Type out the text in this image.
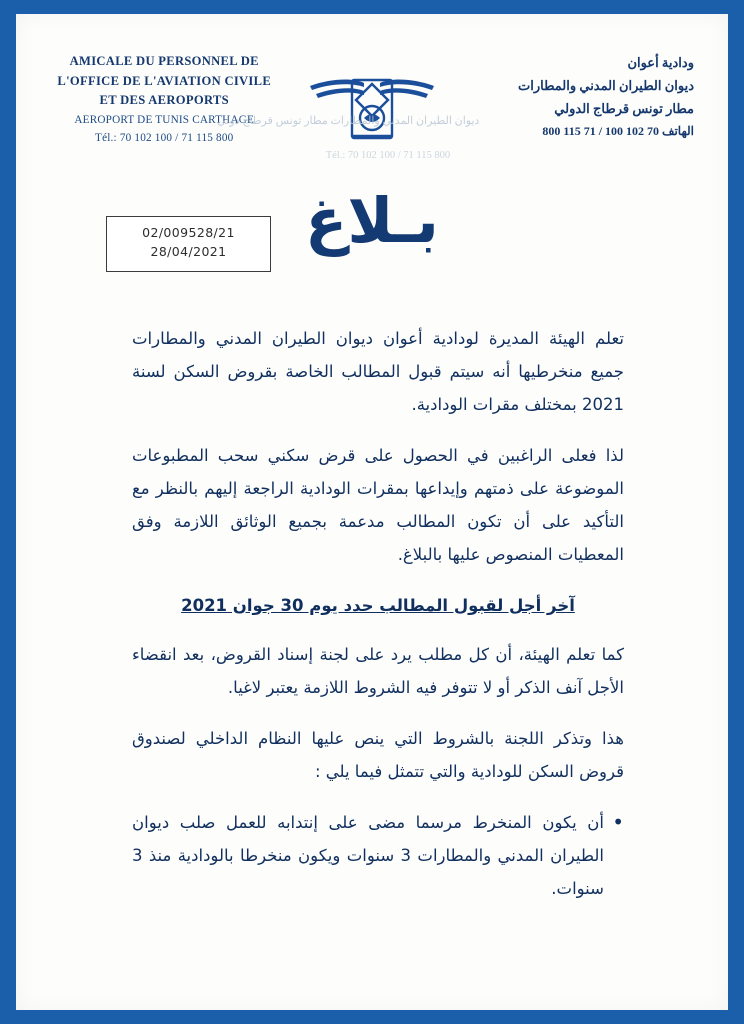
AMICALE DU PERSONNEL DE
L'OFFICE DE L'AVIATION CIVILE
ET DES AEROPORTS
AEROPORT DE TUNIS CARTHAGE
Tél.: 70 102 100 / 71 115 800
ديوان الطيران المدني والمطارات مطار تونس قرطاج دولي
Tél.: 70 102 100 / 71 115 800
ودادية أعوان
ديوان الطيران المدني والمطارات
مطار تونس قرطاج الدولي
الهاتف 70 102 100 / 71 115 800
بـلاغ
02/009528/21
28/04/2021
تعلم الهيئة المديرة لودادية أعوان ديوان الطيران المدني والمطارات جميع منخرطيها أنه سيتم قبول المطالب الخاصة بقروض السكن لسنة 2021 بمختلف مقرات الودادية.
لذا فعلى الراغبين في الحصول على قرض سكني سحب المطبوعات الموضوعة على ذمتهم وإيداعها بمقرات الودادية الراجعة إليهم بالنظر مع التأكيد على أن تكون المطالب مدعمة بجميع الوثائق اللازمة وفق المعطيات المنصوص عليها بالبلاغ.
آخر أجل لقبول المطالب حدد يوم 30 جوان 2021
كما تعلم الهيئة، أن كل مطلب يرد على لجنة إسناد القروض، بعد انقضاء الأجل آنف الذكر أو لا تتوفر فيه الشروط اللازمة يعتبر لاغيا.
هذا وتذكر اللجنة بالشروط التي ينص عليها النظام الداخلي لصندوق قروض السكن للودادية والتي تتمثل فيما يلي :
• أن يكون المنخرط مرسما مضى على إنتدابه للعمل صلب ديوان الطيران المدني والمطارات 3 سنوات ويكون منخرطا بالودادية منذ 3 سنوات.
